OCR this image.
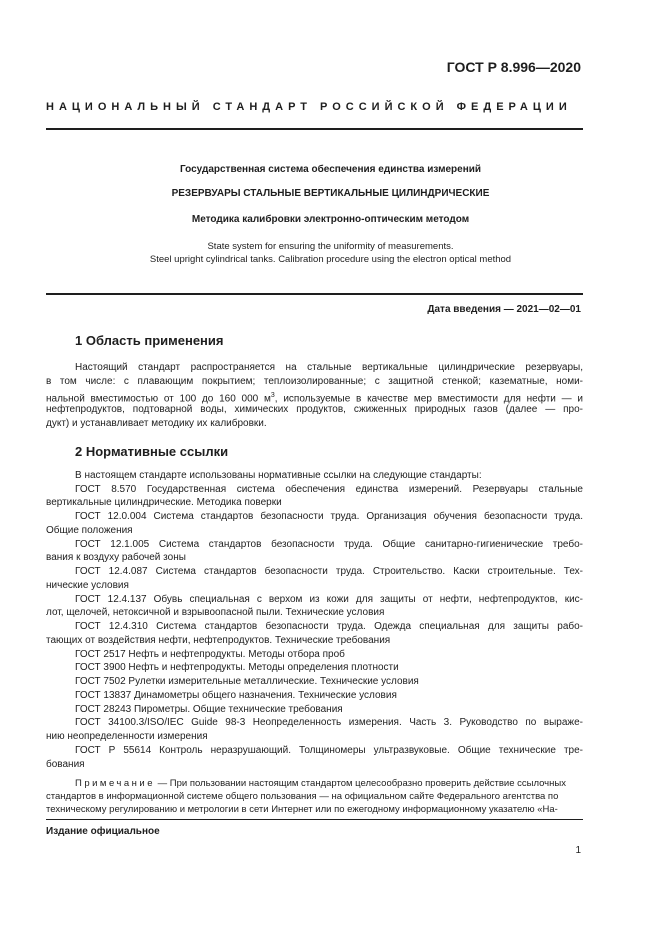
ГОСТ Р 8.996—2020
НАЦИОНАЛЬНЫЙ СТАНДАРТ РОССИЙСКОЙ ФЕДЕРАЦИИ
Государственная система обеспечения единства измерений
РЕЗЕРВУАРЫ СТАЛЬНЫЕ ВЕРТИКАЛЬНЫЕ ЦИЛИНДРИЧЕСКИЕ
Методика калибровки электронно-оптическим методом
State system for ensuring the uniformity of measurements.
Steel upright cylindrical tanks. Calibration procedure using the electron optical method
Дата введения — 2021—02—01
1 Область применения
Настоящий стандарт распространяется на стальные вертикальные цилиндрические резервуары,
в том числе: с плавающим покрытием; теплоизолированные; с защитной стенкой; казематные, номи-
нальной вместимостью от 100 до 160 000 $м^3$, используемые в качестве мер вместимости для нефти — и
нефтепродуктов, подтоварной воды, химических продуктов, сжиженных природных газов (далее — про-
дукт) и устанавливает методику их калибровки.
2 Нормативные ссылки
В настоящем стандарте использованы нормативные ссылки на следующие стандарты:
ГОСТ 8.570 Государственная система обеспечения единства измерений. Резервуары стальные
вертикальные цилиндрические. Методика поверки
ГОСТ 12.0.004 Система стандартов безопасности труда. Организация обучения безопасности труда.
Общие положения
ГОСТ 12.1.005 Система стандартов безопасности труда. Общие санитарно-гигиенические требо-
вания к воздуху рабочей зоны
ГОСТ 12.4.087 Система стандартов безопасности труда. Строительство. Каски строительные. Тех-
нические условия
ГОСТ 12.4.137 Обувь специальная с верхом из кожи для защиты от нефти, нефтепродуктов, кис-
лот, щелочей, нетоксичной и взрывоопасной пыли. Технические условия
ГОСТ 12.4.310 Система стандартов безопасности труда. Одежда специальная для защиты рабо-
тающих от воздействия нефти, нефтепродуктов. Технические требования
ГОСТ 2517 Нефть и нефтепродукты. Методы отбора проб
ГОСТ 3900 Нефть и нефтепродукты. Методы определения плотности
ГОСТ 7502 Рулетки измерительные металлические. Технические условия
ГОСТ 13837 Динамометры общего назначения. Технические условия
ГОСТ 28243 Пирометры. Общие технические требования
ГОСТ 34100.3/ISO/IEC Guide 98-3 Неопределенность измерения. Часть 3. Руководство по выраже-
нию неопределенности измерения
ГОСТ Р 55614 Контроль неразрушающий. Толщиномеры ультразвуковые. Общие технические тре-
бования
Примечание — При пользовании настоящим стандартом целесообразно проверить действие ссылочных
стандартов в информационной системе общего пользования — на официальном сайте Федерального агентства по
техническому регулированию и метрологии в сети Интернет или по ежегодному информационному указателю «На-
Издание официальное
1
